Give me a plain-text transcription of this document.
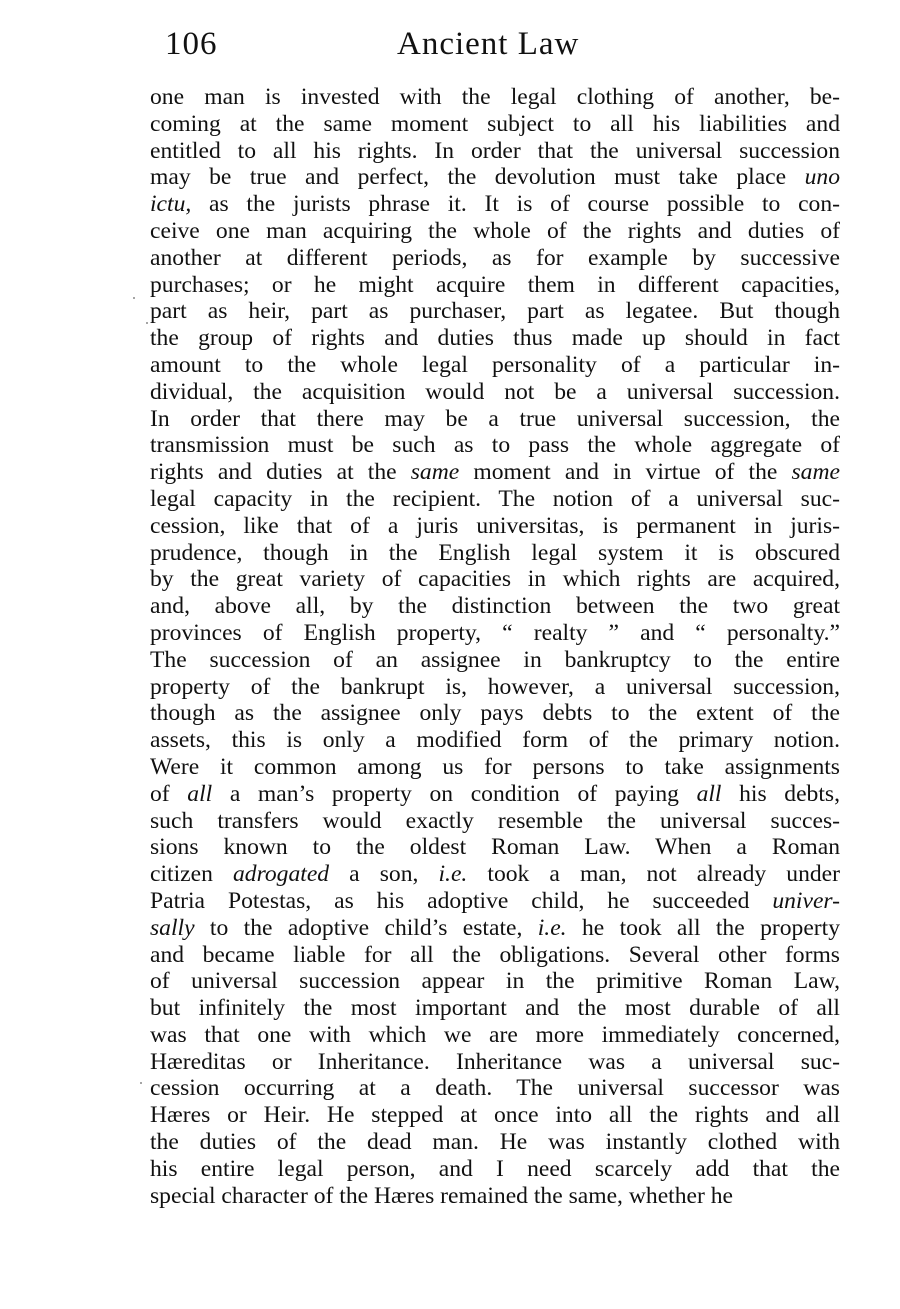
106	Ancient Law
one man is invested with the legal clothing of another, be-
coming at the same moment subject to all his liabilities and
entitled to all his rights. In order that the universal succession
may be true and perfect, the devolution must take place uno
ictu, as the jurists phrase it. It is of course possible to con-
ceive one man acquiring the whole of the rights and duties of
another at different periods, as for example by successive
purchases; or he might acquire them in different capacities,
part as heir, part as purchaser, part as legatee. But though
the group of rights and duties thus made up should in fact
amount to the whole legal personality of a particular in-
dividual, the acquisition would not be a universal succession.
In order that there may be a true universal succession, the
transmission must be such as to pass the whole aggregate of
rights and duties at the same moment and in virtue of the same
legal capacity in the recipient. The notion of a universal suc-
cession, like that of a juris universitas, is permanent in juris-
prudence, though in the English legal system it is obscured
by the great variety of capacities in which rights are acquired,
and, above all, by the distinction between the two great
provinces of English property, “ realty ” and “ personalty.”
The succession of an assignee in bankruptcy to the entire
property of the bankrupt is, however, a universal succession,
though as the assignee only pays debts to the extent of the
assets, this is only a modified form of the primary notion.
Were it common among us for persons to take assignments
of all a man’s property on condition of paying all his debts,
such transfers would exactly resemble the universal succes-
sions known to the oldest Roman Law. When a Roman
citizen adrogated a son, i.e. took a man, not already under
Patria Potestas, as his adoptive child, he succeeded univer-
sally to the adoptive child’s estate, i.e. he took all the property
and became liable for all the obligations. Several other forms
of universal succession appear in the primitive Roman Law,
but infinitely the most important and the most durable of all
was that one with which we are more immediately concerned,
Hæreditas or Inheritance. Inheritance was a universal suc-
cession occurring at a death. The universal successor was
Hæres or Heir. He stepped at once into all the rights and all
the duties of the dead man. He was instantly clothed with
his entire legal person, and I need scarcely add that the
special character of the Hæres remained the same, whether he
